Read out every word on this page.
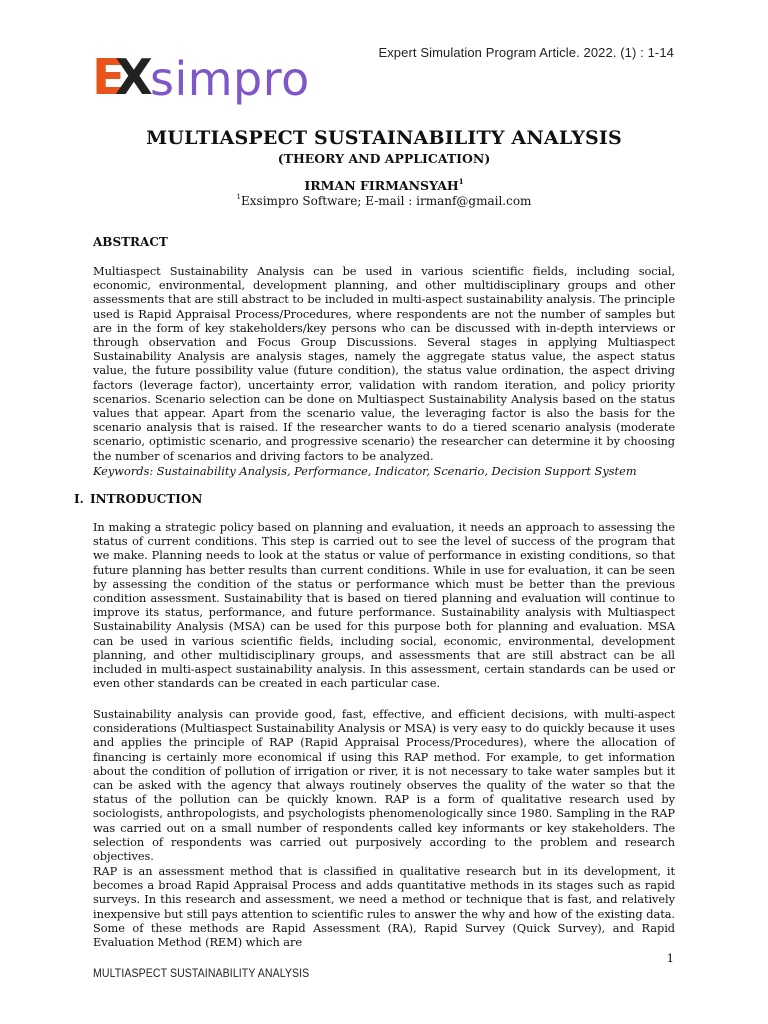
Expert Simulation Program Article. 2022. (1) : 1-14
E
X
simpro
MULTIASPECT SUSTAINABILITY ANALYSIS
(THEORY AND APPLICATION)
IRMAN FIRMANSYAH$^1$
$^1$Exsimpro Software; E-mail : irmanf@gmail.com
ABSTRACT

Multiaspect Sustainability Analysis can be used in various scientific fields, including social, economic, environmental, development planning, and other multidisciplinary groups and other assessments that are still abstract to be included in multi-aspect sustainability analysis. The principle used is Rapid Appraisal Process/Procedures, where respondents are not the number of samples but are in the form of key stakeholders/key persons who can be discussed with in-depth interviews or through observation and Focus Group Discussions. Several stages in applying Multiaspect Sustainability Analysis are analysis stages, namely the aggregate status value, the aspect status value, the future possibility value (future condition), the status value ordination, the aspect driving factors (leverage factor), uncertainty error, validation with random iteration, and policy priority scenarios. Scenario selection can be done on Multiaspect Sustainability Analysis based on the status values that appear. Apart from the scenario value, the leveraging factor is also the basis for the scenario analysis that is raised. If the researcher wants to do a tiered scenario analysis (moderate scenario, optimistic scenario, and progressive scenario) the researcher can determine it by choosing the number of scenarios and driving factors to be analyzed.

Keywords: Sustainability Analysis, Performance, Indicator, Scenario, Decision Support System
I. INTRODUCTION

In making a strategic policy based on planning and evaluation, it needs an approach to assessing the status of current conditions. This step is carried out to see the level of success of the program that we make. Planning needs to look at the status or value of performance in existing conditions, so that future planning has better results than current conditions. While in use for evaluation, it can be seen by assessing the condition of the status or performance which must be better than the previous condition assessment. Sustainability that is based on tiered planning and evaluation will continue to improve its status, performance, and future performance. Sustainability analysis with Multiaspect Sustainability Analysis (MSA) can be used for this purpose both for planning and evaluation. MSA can be used in various scientific fields, including social, economic, environmental, development planning, and other multidisciplinary groups, and assessments that are still abstract can be all included in multi-aspect sustainability analysis. In this assessment, certain standards can be used or even other standards can be created in each particular case.

Sustainability analysis can provide good, fast, effective, and efficient decisions, with multi-aspect considerations (Multiaspect Sustainability Analysis or MSA) is very easy to do quickly because it uses and applies the principle of RAP (Rapid Appraisal Process/Procedures), where the allocation of financing is certainly more economical if using this RAP method. For example, to get information about the condition of pollution of irrigation or river, it is not necessary to take water samples but it can be asked with the agency that always routinely observes the quality of the water so that the status of the pollution can be quickly known. RAP is a form of qualitative research used by sociologists, anthropologists, and psychologists phenomenologically since 1980. Sampling in the RAP was carried out on a small number of respondents called key informants or key stakeholders. The selection of respondents was carried out purposively according to the problem and research objectives.

RAP is an assessment method that is classified in qualitative research but in its development, it becomes a broad Rapid Appraisal Process and adds quantitative methods in its stages such as rapid surveys. In this research and assessment, we need a method or technique that is fast, and relatively inexpensive but still pays attention to scientific rules to answer the why and how of the existing data. Some of these methods are Rapid Assessment (RA), Rapid Survey (Quick Survey), and Rapid Evaluation Method (REM) which are

1
MULTIASPECT SUSTAINABILITY ANALYSIS
